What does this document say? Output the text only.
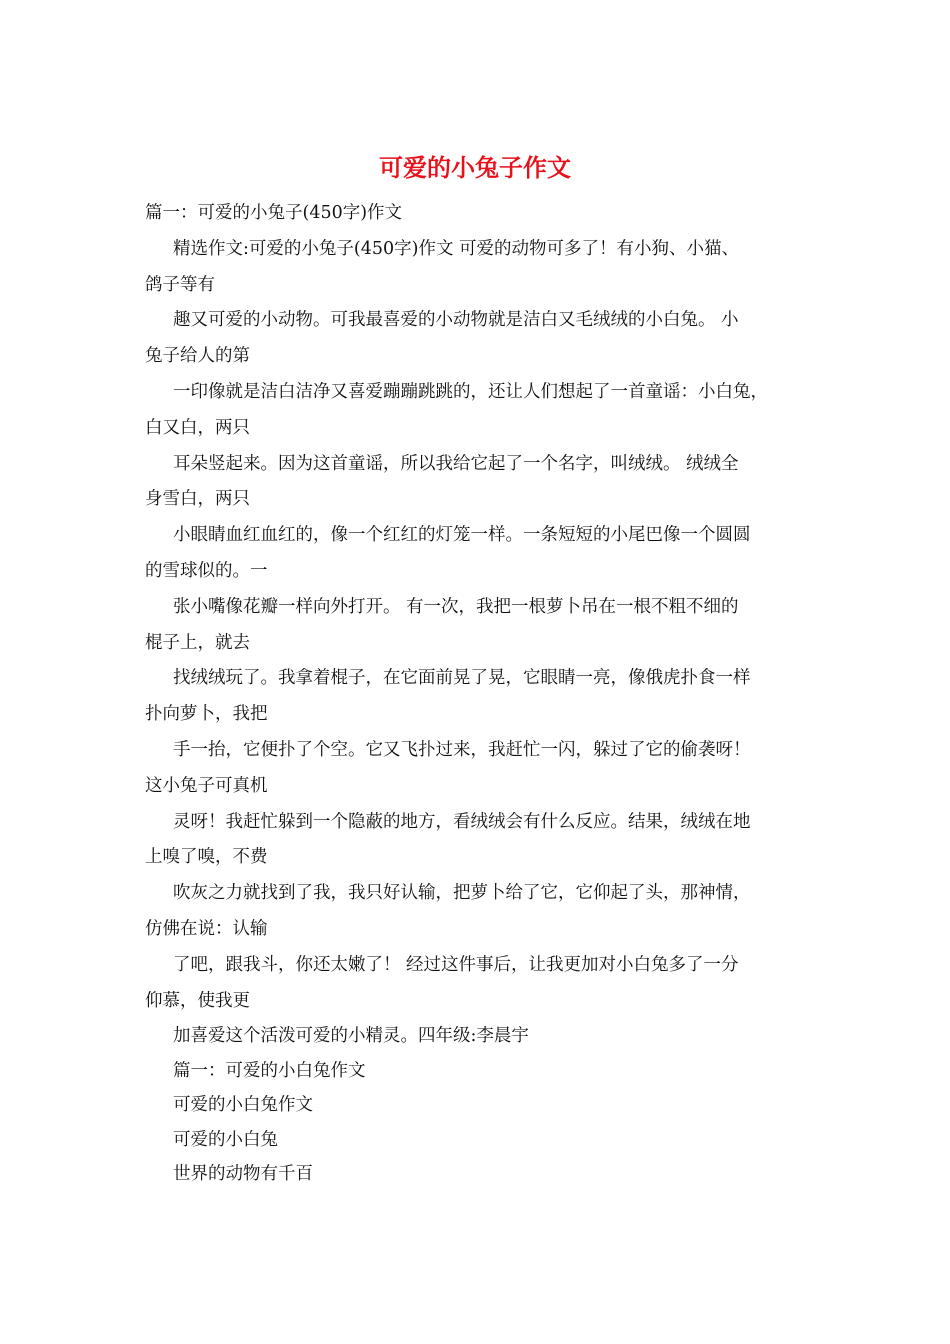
可爱的小兔子作文

篇一：可爱的小兔子(450字)作文

精选作文:可爱的小兔子(450字)作文 可爱的动物可多了！有小狗、小猫、

鸽子等有

趣又可爱的小动物。可我最喜爱的小动物就是洁白又毛绒绒的小白兔。 小

兔子给人的第

一印像就是洁白洁净又喜爱蹦蹦跳跳的，还让人们想起了一首童谣：小白兔，

白又白，两只

耳朵竖起来。因为这首童谣，所以我给它起了一个名字，叫绒绒。 绒绒全

身雪白，两只

小眼睛血红血红的，像一个红红的灯笼一样。一条短短的小尾巴像一个圆圆

的雪球似的。一

张小嘴像花瓣一样向外打开。 有一次，我把一根萝卜吊在一根不粗不细的

棍子上，就去

找绒绒玩了。我拿着棍子，在它面前晃了晃，它眼睛一亮，像俄虎扑食一样

扑向萝卜，我把

手一抬，它便扑了个空。它又飞扑过来，我赶忙一闪，躲过了它的偷袭呀！

这小兔子可真机

灵呀！我赶忙躲到一个隐蔽的地方，看绒绒会有什么反应。结果，绒绒在地

上嗅了嗅，不费

吹灰之力就找到了我，我只好认输，把萝卜给了它，它仰起了头，那神情，

仿佛在说：认输

了吧，跟我斗，你还太嫩了！ 经过这件事后，让我更加对小白兔多了一分

仰慕，使我更

加喜爱这个活泼可爱的小精灵。四年级:李晨宇

篇一：可爱的小白兔作文

可爱的小白兔作文

可爱的小白兔

世界的动物有千百
